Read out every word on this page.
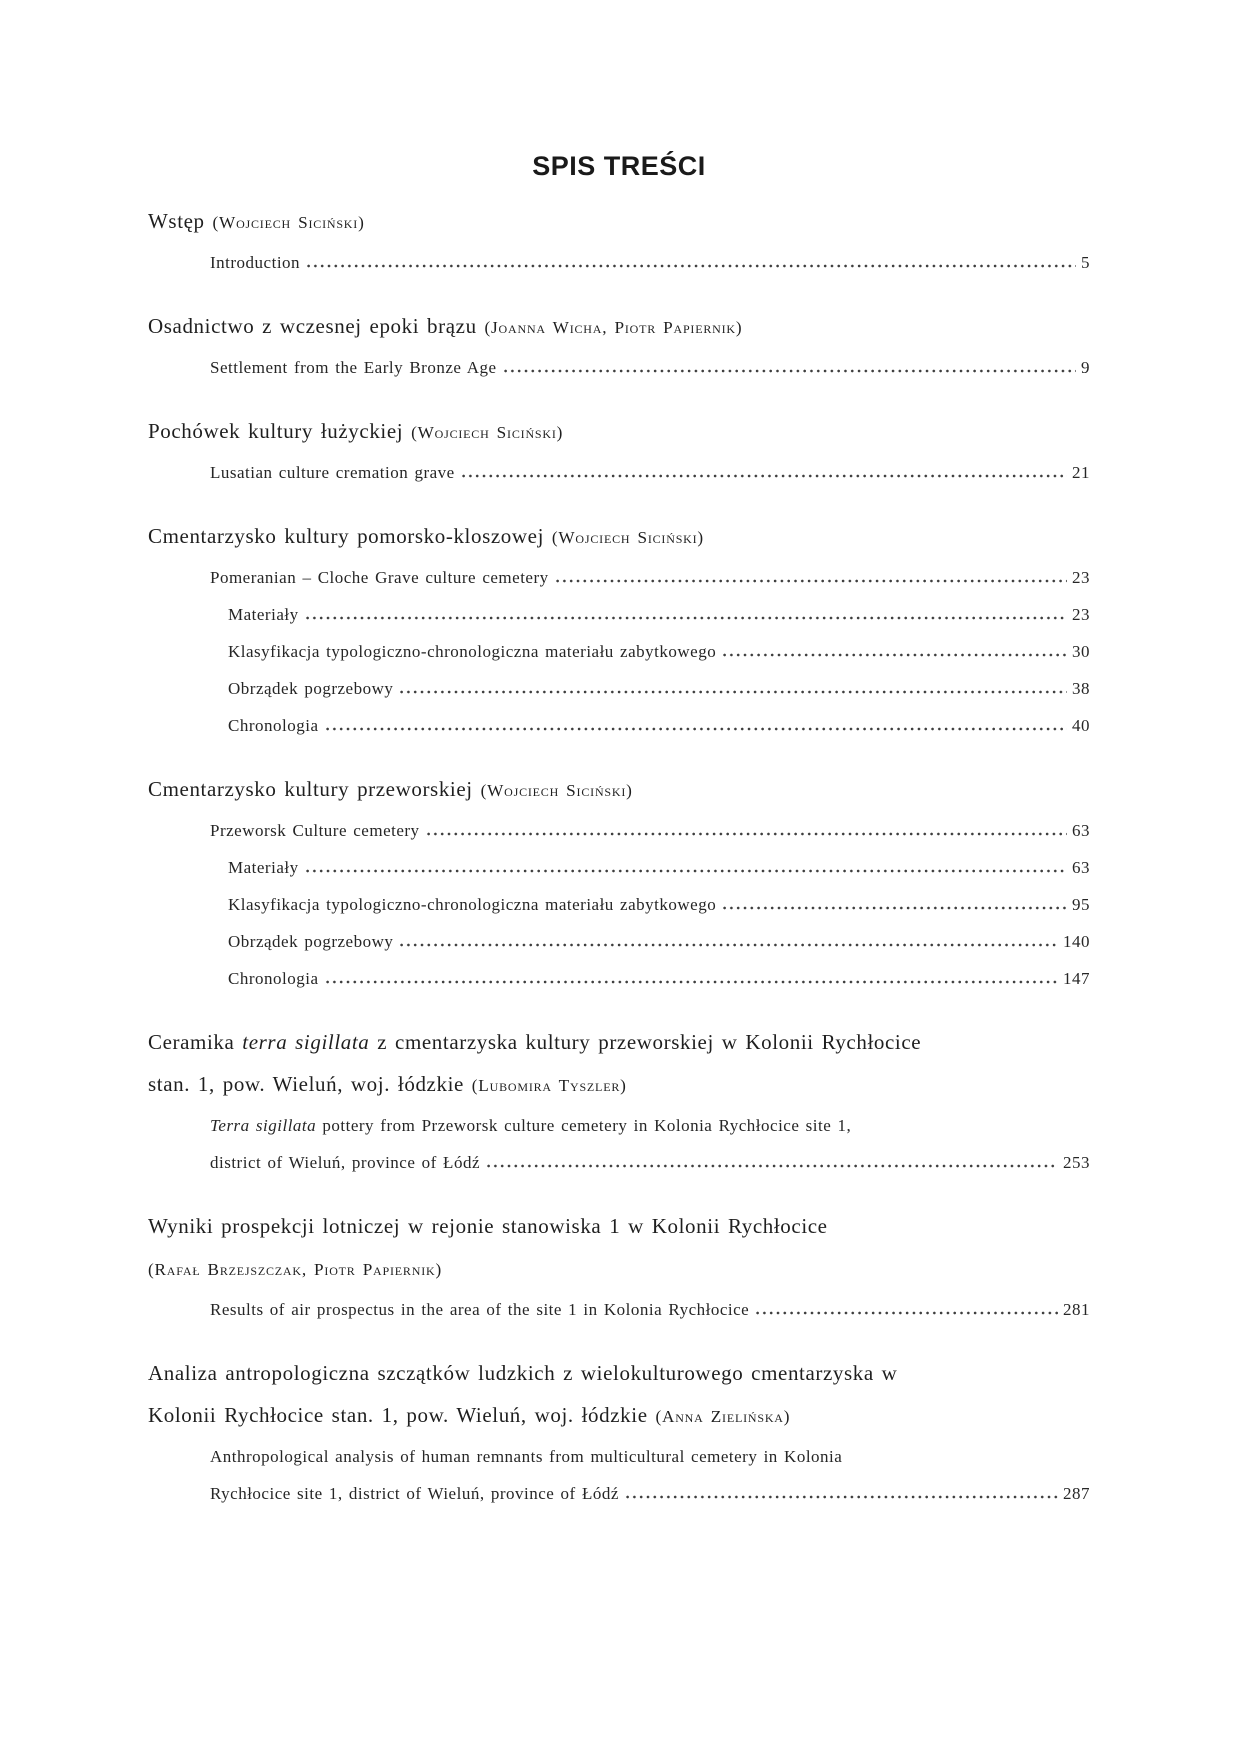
SPIS TREŚCI
Wstęp (Wojciech Siciński)
Introduction	5
Osadnictwo z wczesnej epoki brązu (Joanna Wicha, Piotr Papiernik)
Settlement from the Early Bronze Age	9
Pochówek kultury łużyckiej (Wojciech Siciński)
Lusatian culture cremation grave	21
Cmentarzysko kultury pomorsko-kloszowej (Wojciech Siciński)
Pomeranian – Cloche Grave culture cemetery	23
Materiały	23
Klasyfikacja typologiczno-chronologiczna materiału zabytkowego	30
Obrządek pogrzebowy	38
Chronologia	40
Cmentarzysko kultury przeworskiej (Wojciech Siciński)
Przeworsk Culture cemetery	63
Materiały	63
Klasyfikacja typologiczno-chronologiczna materiału zabytkowego	95
Obrządek pogrzebowy	140
Chronologia	147
Ceramika terra sigillata z cmentarzyska kultury przeworskiej w Kolonii Rychłocice
stan. 1, pow. Wieluń, woj. łódzkie (Lubomira Tyszler)
Terra sigillata pottery from Przeworsk culture cemetery in Kolonia Rychłocice site 1,
district of Wieluń, province of Łódź	253
Wyniki prospekcji lotniczej w rejonie stanowiska 1 w Kolonii Rychłocice
(Rafał Brzejszczak, Piotr Papiernik)
Results of air prospectus in the area of the site 1 in Kolonia Rychłocice	281
Analiza antropologiczna szczątków ludzkich z wielokulturowego cmentarzyska w
Kolonii Rychłocice stan. 1, pow. Wieluń, woj. łódzkie (Anna Zielińska)
Anthropological analysis of human remnants from multicultural cemetery in Kolonia
Rychłocice site 1, district of Wieluń, province of Łódź	287
